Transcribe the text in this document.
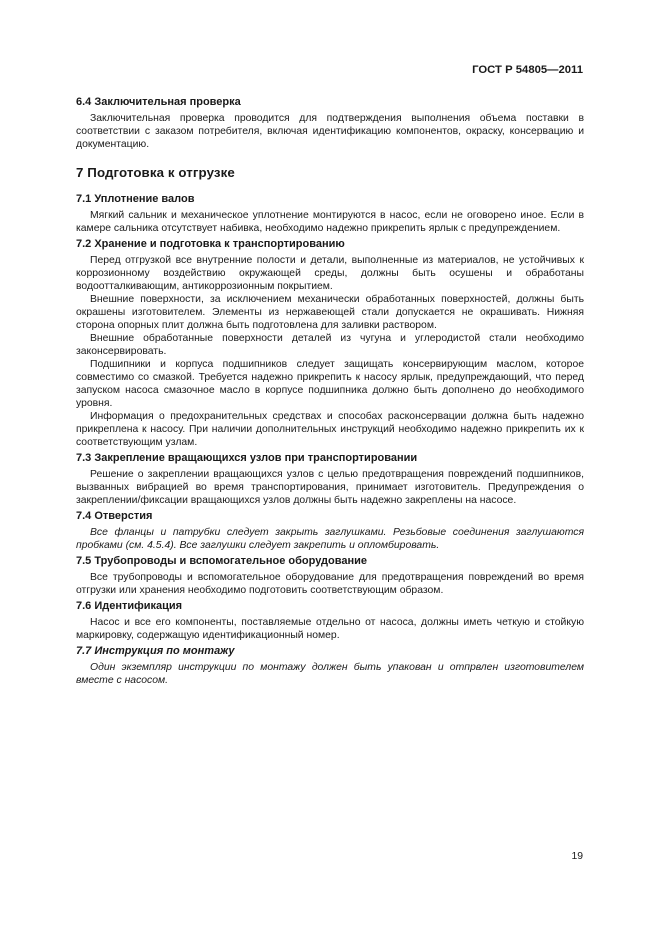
ГОСТ Р 54805—2011
6.4 Заключительная проверка

Заключительная проверка проводится для подтверждения выполнения объема поставки в соответствии с заказом потребителя, включая идентификацию компонентов, окраску, консервацию и документацию.

7 Подготовка к отгрузке
7.1 Уплотнение валов

Мягкий сальник и механическое уплотнение монтируются в насос, если не оговорено иное. Если в камере сальника отсутствует набивка, необходимо надежно прикрепить ярлык с предупреждением.

7.2 Хранение и подготовка к транспортированию

Перед отгрузкой все внутренние полости и детали, выполненные из материалов, не устойчивых к коррозионному воздействию окружающей среды, должны быть осушены и обработаны водоотталкивающим, антикоррозионным покрытием.

Внешние поверхности, за исключением механически обработанных поверхностей, должны быть окрашены изготовителем. Элементы из нержавеющей стали допускается не окрашивать. Нижняя сторона опорных плит должна быть подготовлена для заливки раствором.

Внешние обработанные поверхности деталей из чугуна и углеродистой стали необходимо законсервировать.

Подшипники и корпуса подшипников следует защищать консервирующим маслом, которое совместимо со смазкой. Требуется надежно прикрепить к насосу ярлык, предупреждающий, что перед запуском насоса смазочное масло в корпусе подшипника должно быть дополнено до необходимого уровня.

Информация о предохранительных средствах и способах расконсервации должна быть надежно прикреплена к насосу. При наличии дополнительных инструкций необходимо надежно прикрепить их к соответствующим узлам.

7.3 Закрепление вращающихся узлов при транспортировании

Решение о закреплении вращающихся узлов с целью предотвращения повреждений подшипников, вызванных вибрацией во время транспортирования, принимает изготовитель. Предупреждения о закреплении/фиксации вращающихся узлов должны быть надежно закреплены на насосе.

7.4 Отверстия

Все фланцы и патрубки следует закрыть заглушками. Резьбовые соединения заглушаются пробками (см. 4.5.4). Все заглушки следует закрепить и опломбировать.

7.5 Трубопроводы и вспомогательное оборудование

Все трубопроводы и вспомогательное оборудование для предотвращения повреждений во время отгрузки или хранения необходимо подготовить соответствующим образом.

7.6 Идентификация

Насос и все его компоненты, поставляемые отдельно от насоса, должны иметь четкую и стойкую маркировку, содержащую идентификационный номер.

7.7 Инструкция по монтажу

Один экземпляр инструкции по монтажу должен быть упакован и отпрвлен изготовителем вместе с насосом.

19
